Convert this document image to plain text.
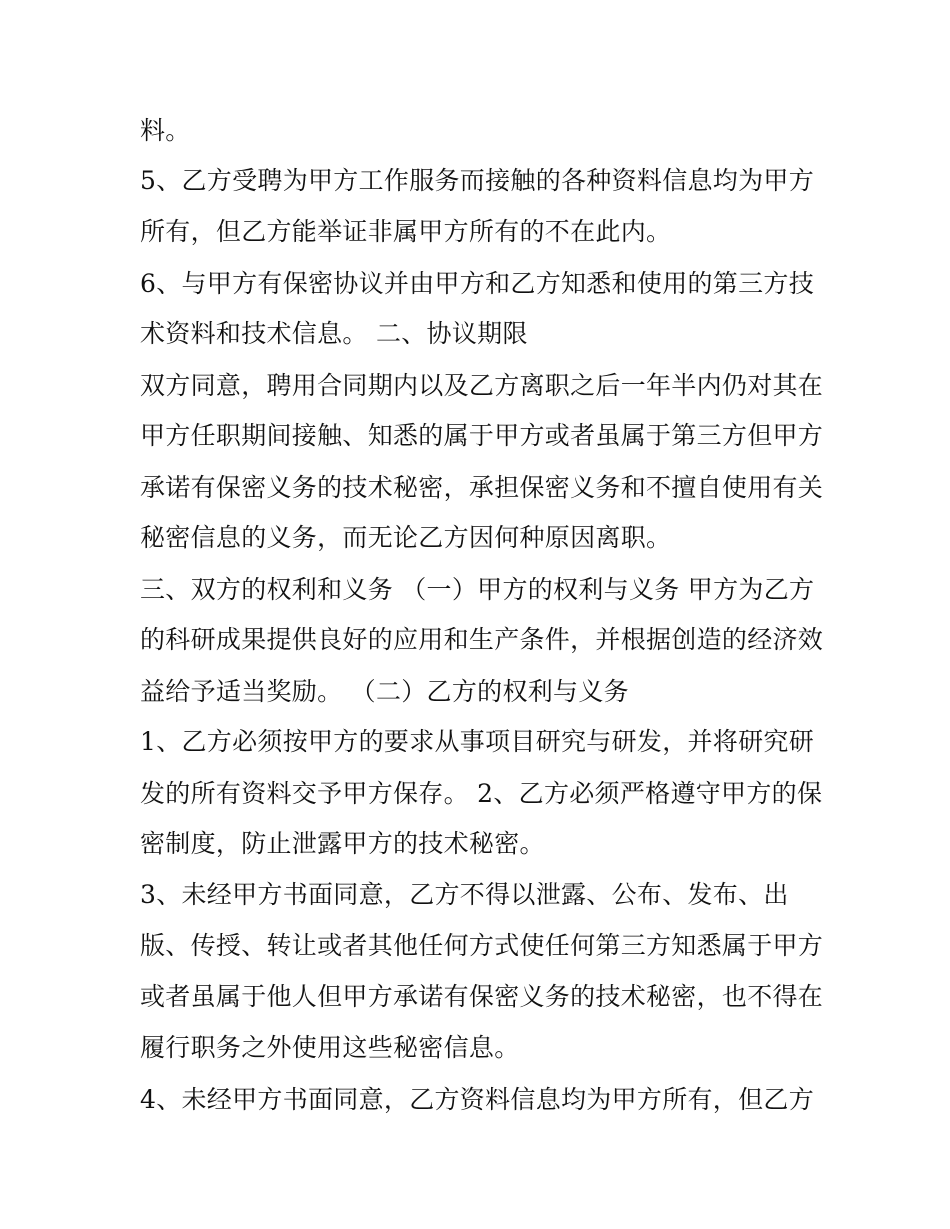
料。
5、乙方受聘为甲方工作服务而接触的各种资料信息均为甲方
所有，但乙方能举证非属甲方所有的不在此内。
6、与甲方有保密协议并由甲方和乙方知悉和使用的第三方技
术资料和技术信息。 二、协议期限
双方同意，聘用合同期内以及乙方离职之后一年半内仍对其在
甲方任职期间接触、知悉的属于甲方或者虽属于第三方但甲方
承诺有保密义务的技术秘密，承担保密义务和不擅自使用有关
秘密信息的义务，而无论乙方因何种原因离职。
三、双方的权利和义务 （一）甲方的权利与义务 甲方为乙方
的科研成果提供良好的应用和生产条件，并根据创造的经济效
益给予适当奖励。 （二）乙方的权利与义务
1、乙方必须按甲方的要求从事项目研究与研发，并将研究研
发的所有资料交予甲方保存。 2、乙方必须严格遵守甲方的保
密制度，防止泄露甲方的技术秘密。
3、未经甲方书面同意，乙方不得以泄露、公布、发布、出
版、传授、转让或者其他任何方式使任何第三方知悉属于甲方
或者虽属于他人但甲方承诺有保密义务的技术秘密，也不得在
履行职务之外使用这些秘密信息。
4、未经甲方书面同意，乙方资料信息均为甲方所有，但乙方
